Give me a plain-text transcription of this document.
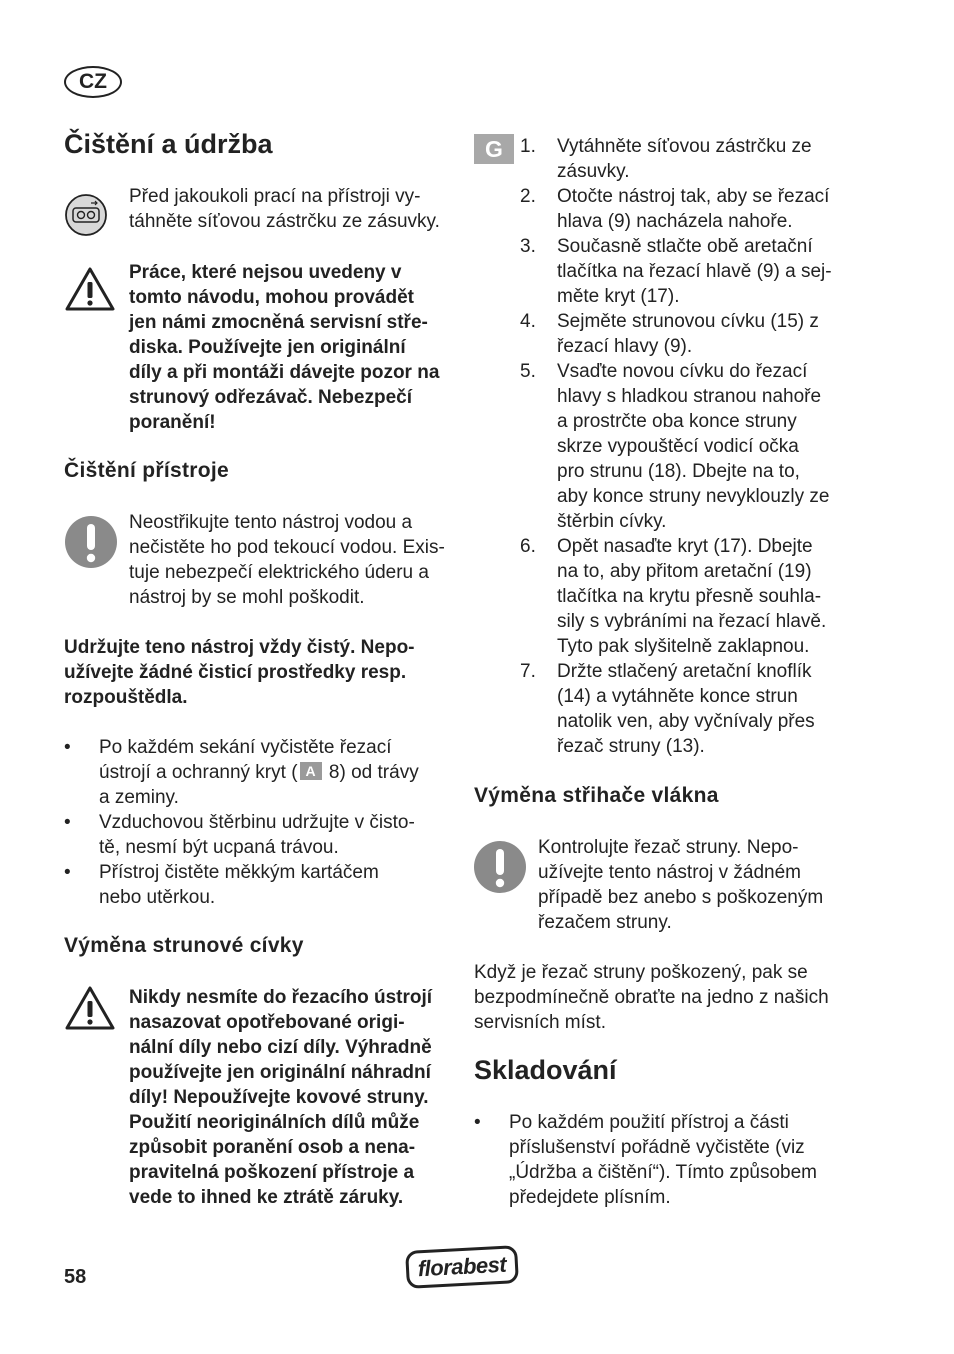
CZ
Čištění a údržba
Před jakoukoli prací na přístroji vy-
táhněte síťovou zástrčku ze zásuvky.
Práce, které nejsou uvedeny v
tomto návodu, mohou provádět
jen námi zmocněná servisní stře-
diska. Používejte jen originální
díly a při montáži dávejte pozor na
strunový odřezávač. Nebezpečí
poranění!
Čištění přístroje
Neostřikujte tento nástroj vodou a
nečistěte ho pod tekoucí vodou. Exis-
tuje nebezpečí elektrického úderu a
nástroj by se mohl poškodit.
Udržujte teno nástroj vždy čistý. Nepo-
užívejte žádné čisticí prostředky resp.
rozpouštědla.
• Po každém sekání vyčistěte řezací
ústrojí a ochranný kryt ( A 8) od trávy
a zeminy.
• Vzduchovou štěrbinu udržujte v čisto-
tě, nesmí být ucpaná trávou.
• Přístroj čistěte měkkým kartáčem
nebo utěrkou.
Výměna strunové cívky
Nikdy nesmíte do řezacího ústrojí
nasazovat opotřebované origi-
nální díly nebo cizí díly. Výhradně
používejte jen originální náhradní
díly! Nepoužívejte kovové struny.
Použití neoriginálních dílů může
způsobit poranění osob a nena-
pravitelná poškození přístroje a
vede to ihned ke ztrátě záruky.
G 1. Vytáhněte síťovou zástrčku ze
zásuvky.
2. Otočte nástroj tak, aby se řezací
hlava (9) nacházela nahoře.
3. Současně stlačte obě aretační
tlačítka na řezací hlavě (9) a sej-
měte kryt (17).
4. Sejměte strunovou cívku (15) z
řezací hlavy (9).
5. Vsaďte novou cívku do řezací
hlavy s hladkou stranou nahoře
a prostrčte oba konce struny
skrze vypouštěcí vodicí očka
pro strunu (18). Dbejte na to,
aby konce struny nevyklouzly ze
štěrbin cívky.
6. Opět nasaďte kryt (17). Dbejte
na to, aby přitom aretační (19)
tlačítka na krytu přesně souhla-
sily s vybráními na řezací hlavě.
Tyto pak slyšitelně zaklapnou.
7. Držte stlačený aretační knoflík
(14) a vytáhněte konce strun
natolik ven, aby vyčnívaly přes
řezač struny (13).
Výměna střihače vlákna
Kontrolujte řezač struny. Nepo-
užívejte tento nástroj v žádném
případě bez anebo s poškozeným
řezačem struny.
Když je řezač struny poškozený, pak se
bezpodmínečně obraťte na jedno z našich
servisních míst.
Skladování
• Po každém použití přístroj a části
příslušenství pořádně vyčistěte (viz
„Údržba a čištění“). Tímto způsobem
předejdete plísním.
58	florabest
